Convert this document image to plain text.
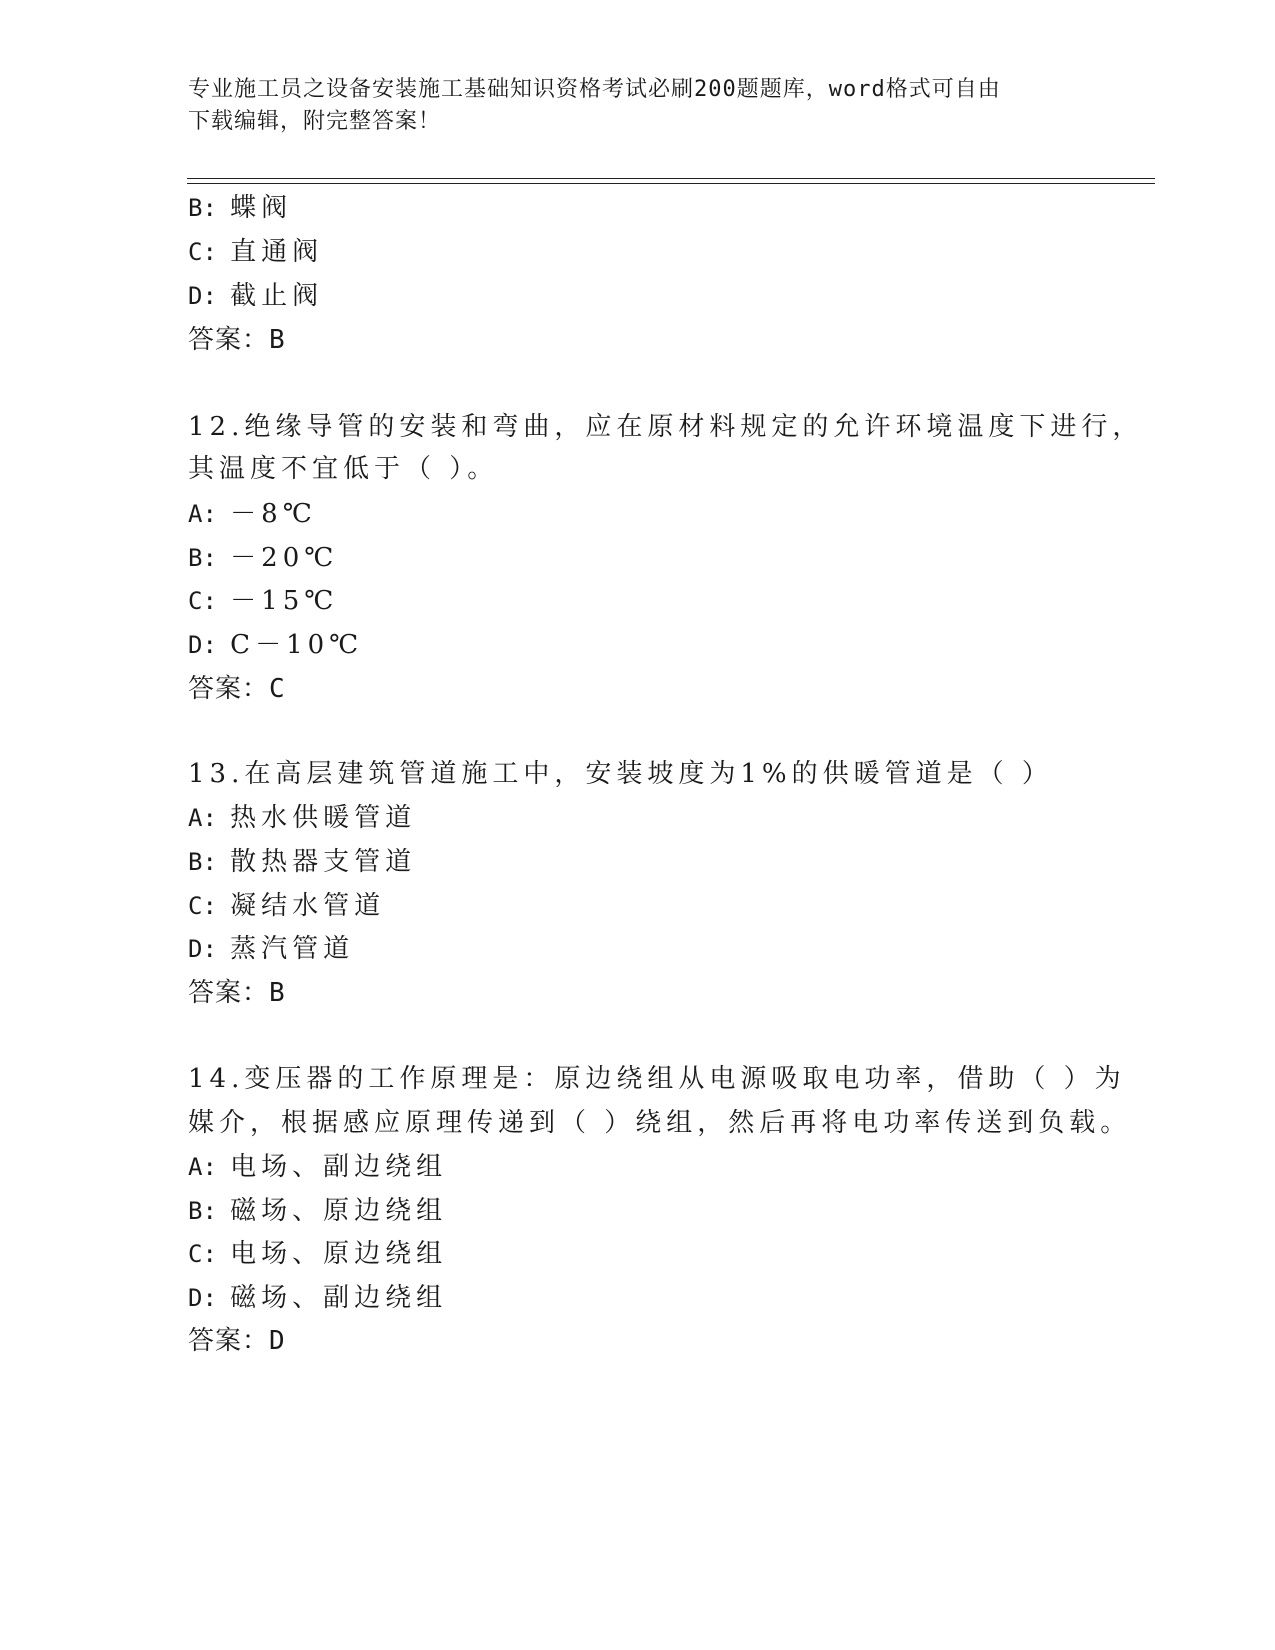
专业施工员之设备安装施工基础知识资格考试必刷200题题库，word格式可自由
下载编辑，附完整答案！
B: 蝶阀
C: 直通阀
D: 截止阀
答案：B
12.绝缘导管的安装和弯曲，应在原材料规定的允许环境温度下进行，
其温度不宜低于（ ）。
A: －8℃
B: －20℃
C: －15℃
D: C－10℃
答案：C
13.在高层建筑管道施工中，安装坡度为1%的供暖管道是（ ）
A: 热水供暖管道
B: 散热器支管道
C: 凝结水管道
D: 蒸汽管道
答案：B
14.变压器的工作原理是：原边绕组从电源吸取电功率，借助（ ）为
媒介，根据感应原理传递到（ ）绕组，然后再将电功率传送到负载。
A: 电场、副边绕组
B: 磁场、原边绕组
C: 电场、原边绕组
D: 磁场、副边绕组
答案：D
